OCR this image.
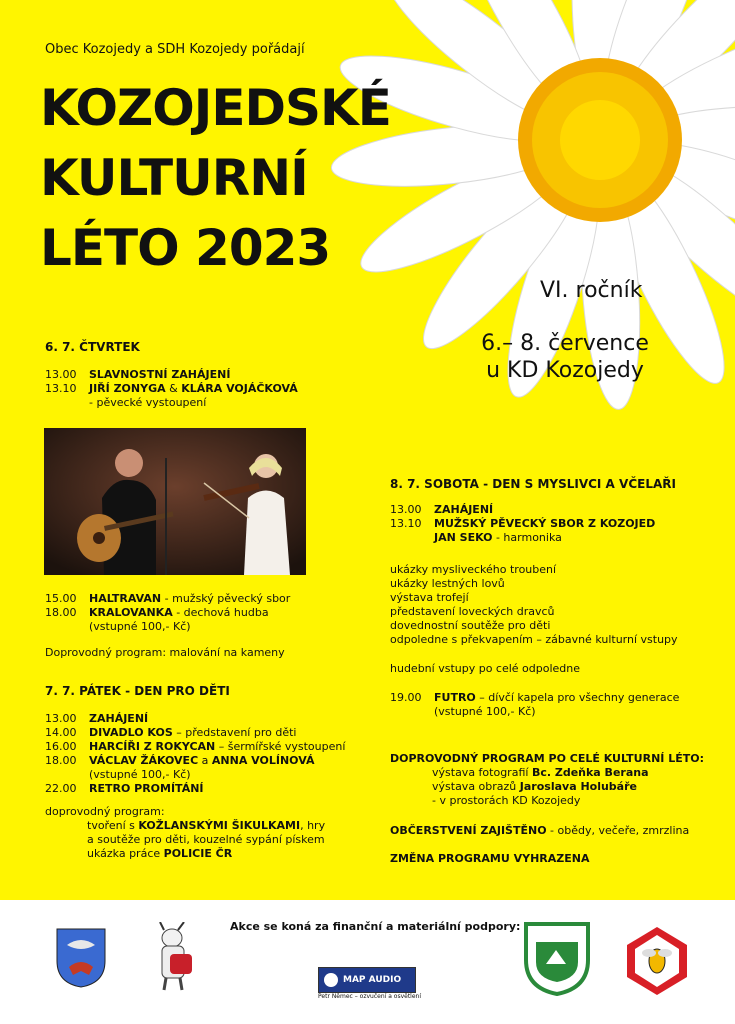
Obec Kozojedy a SDH Kozojedy pořádají
KOZOJEDSKÉ
KULTURNÍ
LÉTO 2023
VI. ročník
6.– 8. července
u KD Kozojedy
6. 7. ČTVRTEK
13.00	SLAVNOSTNÍ ZAHÁJENÍ
13.10	JIŘÍ ZONYGA & KLÁRA VOJÁČKOVÁ
- pěvecké vystoupení
15.00	HALTRAVAN - mužský pěvecký sbor
18.00	KRALOVANKA - dechová hudba
(vstupné 100,- Kč)
Doprovodný program: malování na kameny
7. 7. PÁTEK - DEN PRO DĚTI
13.00	ZAHÁJENÍ
14.00	DIVADLO KOS – představení pro děti
16.00	HARCÍŘI Z ROKYCAN – šermířské vystoupení
18.00	VÁCLAV ŽÁKOVEC a ANNA VOLÍNOVÁ
(vstupné 100,- Kč)
22.00	RETRO PROMÍTÁNÍ
doprovodný program:
tvoření s KOŽLANSKÝMI ŠIKULKAMI, hry
a soutěže pro děti, kouzelné sypání pískem
ukázka práce POLICIE ČR
8. 7. SOBOTA - DEN S MYSLIVCI A VČELAŘI
13.00	ZAHÁJENÍ
13.10	MUŽSKÝ PĚVECKÝ SBOR Z KOZOJED
JAN SEKO - harmonika
ukázky mysliveckého troubení
ukázky lestných lovů
výstava trofejí
představení loveckých dravců
dovednostní soutěže pro děti
odpoledne s překvapením – zábavné kulturní vstupy
hudební vstupy po celé odpoledne
19.00	FUTRO – dívčí kapela pro všechny generace
(vstupné 100,- Kč)
DOPROVODNÝ PROGRAM PO CELÉ KULTURNÍ LÉTO:
výstava fotografií Bc. Zdeňka Berana
výstava obrazů Jaroslava Holubáře
- v prostorách KD Kozojedy
OBČERSTVENÍ ZAJIŠTĚNO - obědy, večeře, zmrzlina
ZMĚNA PROGRAMU VYHRAZENA
Akce se koná za finanční a materiální podpory:
MAP AUDIO
Petr Němec – ozvučení a osvětlení
